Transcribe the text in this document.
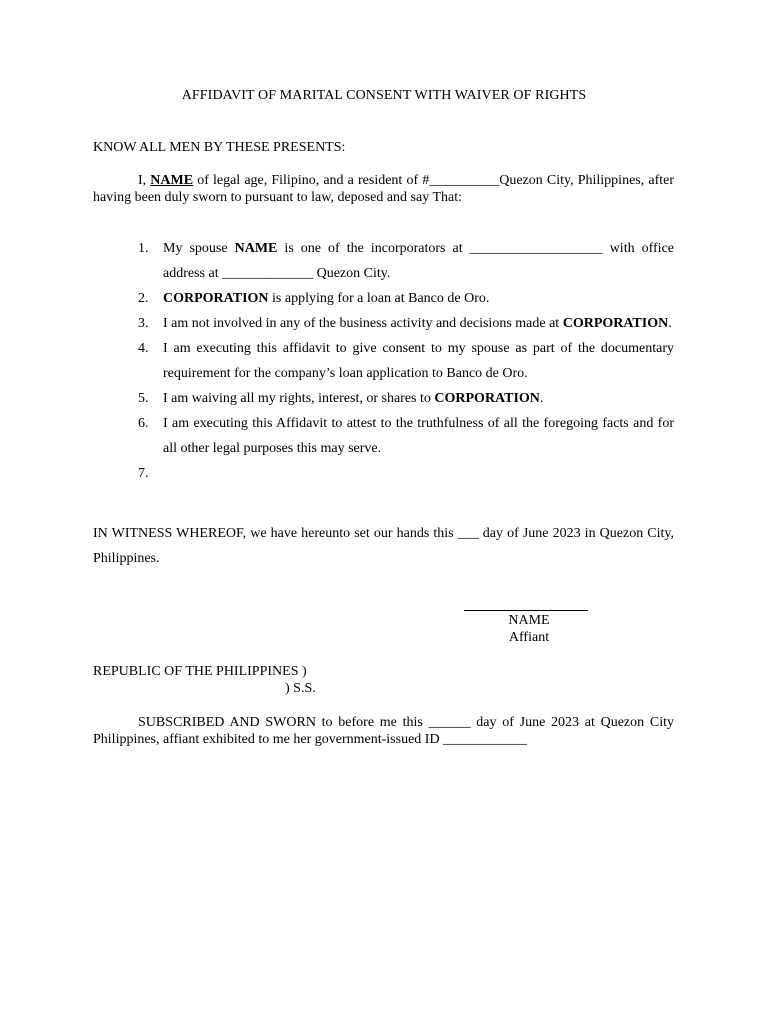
AFFIDAVIT OF MARITAL CONSENT WITH WAIVER OF RIGHTS
KNOW ALL MEN BY THESE PRESENTS:
I, NAME of legal age, Filipino, and a resident of #__________Quezon City, Philippines, after having been duly sworn to pursuant to law, deposed and say That:
1. My spouse NAME is one of the incorporators at ___________________ with office address at _____________ Quezon City.
2. CORPORATION is applying for a loan at Banco de Oro.
3. I am not involved in any of the business activity and decisions made at CORPORATION.
4. I am executing this affidavit to give consent to my spouse as part of the documentary requirement for the company’s loan application to Banco de Oro.
5. I am waiving all my rights, interest, or shares to CORPORATION.
6. I am executing this Affidavit to attest to the truthfulness of all the foregoing facts and for all other legal purposes this may serve.
7.
IN WITNESS WHEREOF, we have hereunto set our hands this ___ day of June 2023 in Quezon City, Philippines.
NAME
Affiant
REPUBLIC OF THE PHILIPPINES )
) S.S.
SUBSCRIBED AND SWORN to before me this ______ day of June 2023 at Quezon City Philippines, affiant exhibited to me her government-issued ID ____________
